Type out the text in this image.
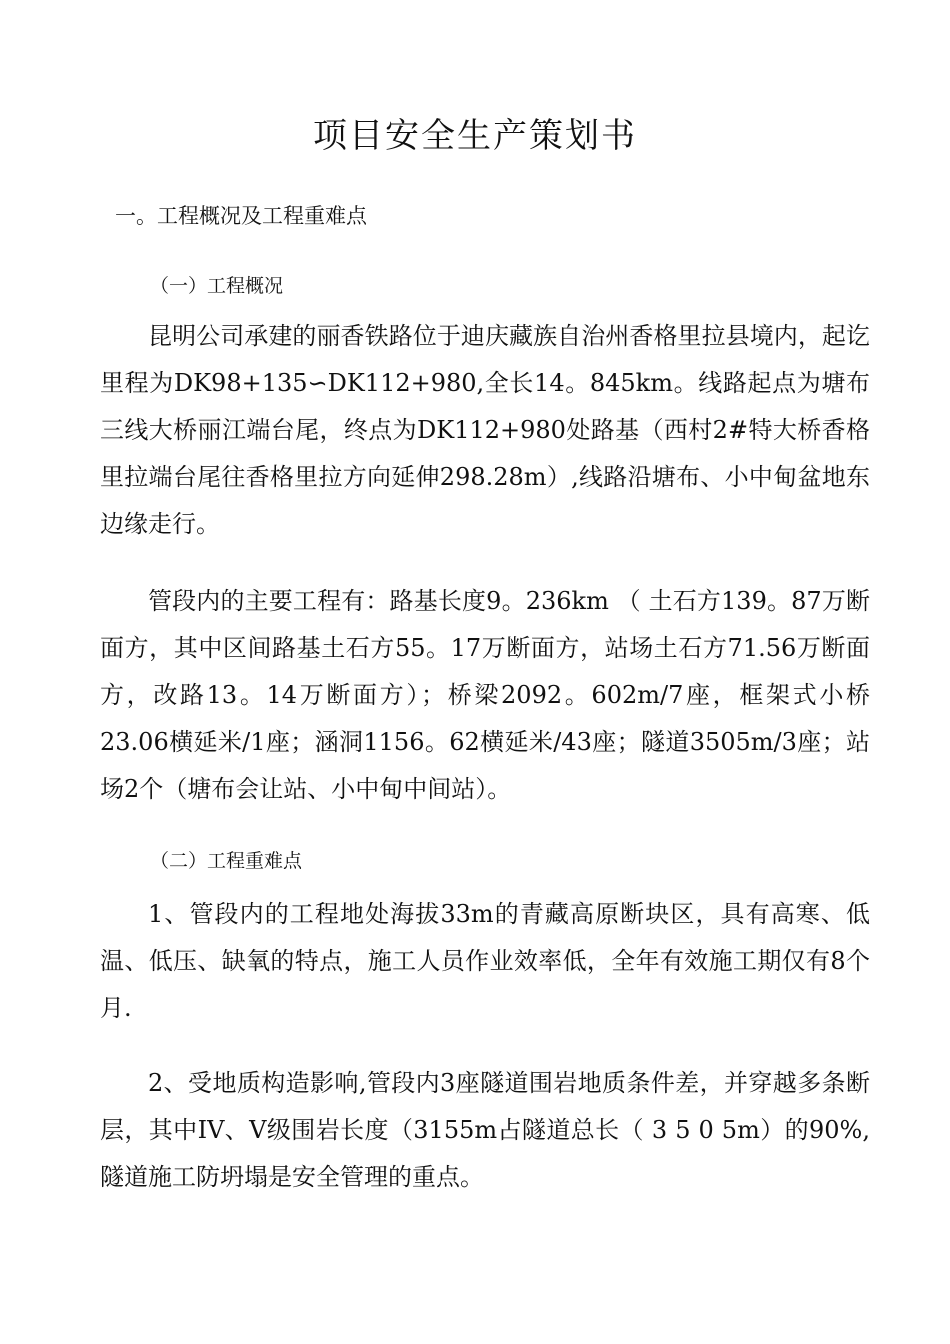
项目安全生产策划书
一。工程概况及工程重难点
（一）工程概况

昆明公司承建的丽香铁路位于迪庆藏族自治州香格里拉县境内，起讫里程为DK98+135∽DK112+980,全长14。845km。线路起点为塘布三线大桥丽江端台尾，终点为DK112+980处路基（西村2#特大桥香格里拉端台尾往香格里拉方向延伸298.28m）,线路沿塘布、小中甸盆地东边缘走行。

管段内的主要工程有：路基长度9。236km （ 土石方139。87万断面方，其中区间路基土石方55。17万断面方，站场土石方71.56万断面方，改路13。14万断面方）；桥梁2092。602m/7座，框架式小桥23.06横延米/1座；涵洞1156。62横延米/43座；隧道3505m/3座；站场2个（塘布会让站、小中甸中间站）。

（二）工程重难点

1、管段内的工程地处海拔33m的青藏高原断块区，具有高寒、低温、低压、缺氧的特点，施工人员作业效率低，全年有效施工期仅有8个月.

2、受地质构造影响,管段内3座隧道围岩地质条件差，并穿越多条断层，其中IV、V级围岩长度（3155m占隧道总长（ 3 5 0 5m）的90%,隧道施工防坍塌是安全管理的重点。
